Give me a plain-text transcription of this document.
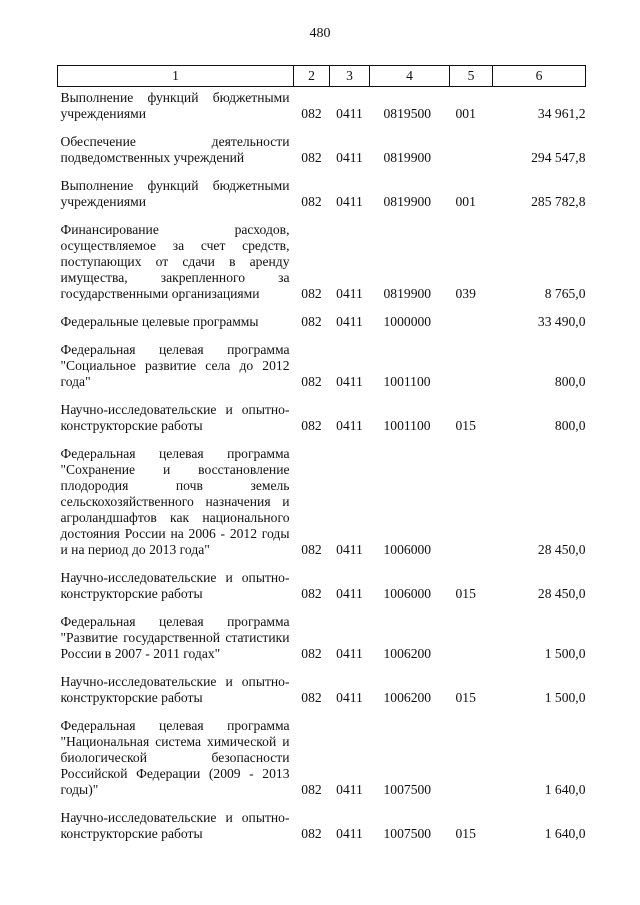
480
1	2	3	4	5	6
Выполнение функций бюджетными учреждениями	082	0411	0819500	001	34 961,2
Обеспечение деятельности подведомственных учреждений	082	0411	0819900		294 547,8
Выполнение функций бюджетными учреждениями	082	0411	0819900	001	285 782,8
Финансирование расходов, осуществляемое за счет средств, поступающих от сдачи в аренду имущества, закрепленного за государственными организациями	082	0411	0819900	039	8 765,0
Федеральные целевые программы	082	0411	1000000		33 490,0
Федеральная целевая программа "Социальное развитие села до 2012 года"	082	0411	1001100		800,0
Научно-исследовательские и опытно-конструкторские работы	082	0411	1001100	015	800,0
Федеральная целевая программа "Сохранение и восстановление плодородия почв земель сельскохозяйственного назначения и агроландшафтов как национального достояния России на 2006 - 2012 годы и на период до 2013 года"	082	0411	1006000		28 450,0
Научно-исследовательские и опытно-конструкторские работы	082	0411	1006000	015	28 450,0
Федеральная целевая программа "Развитие государственной статистики России в 2007 - 2011 годах"	082	0411	1006200		1 500,0
Научно-исследовательские и опытно-конструкторские работы	082	0411	1006200	015	1 500,0
Федеральная целевая программа "Национальная система химической и биологической безопасности Российской Федерации (2009 - 2013 годы)"	082	0411	1007500		1 640,0
Научно-исследовательские и опытно-конструкторские работы	082	0411	1007500	015	1 640,0
